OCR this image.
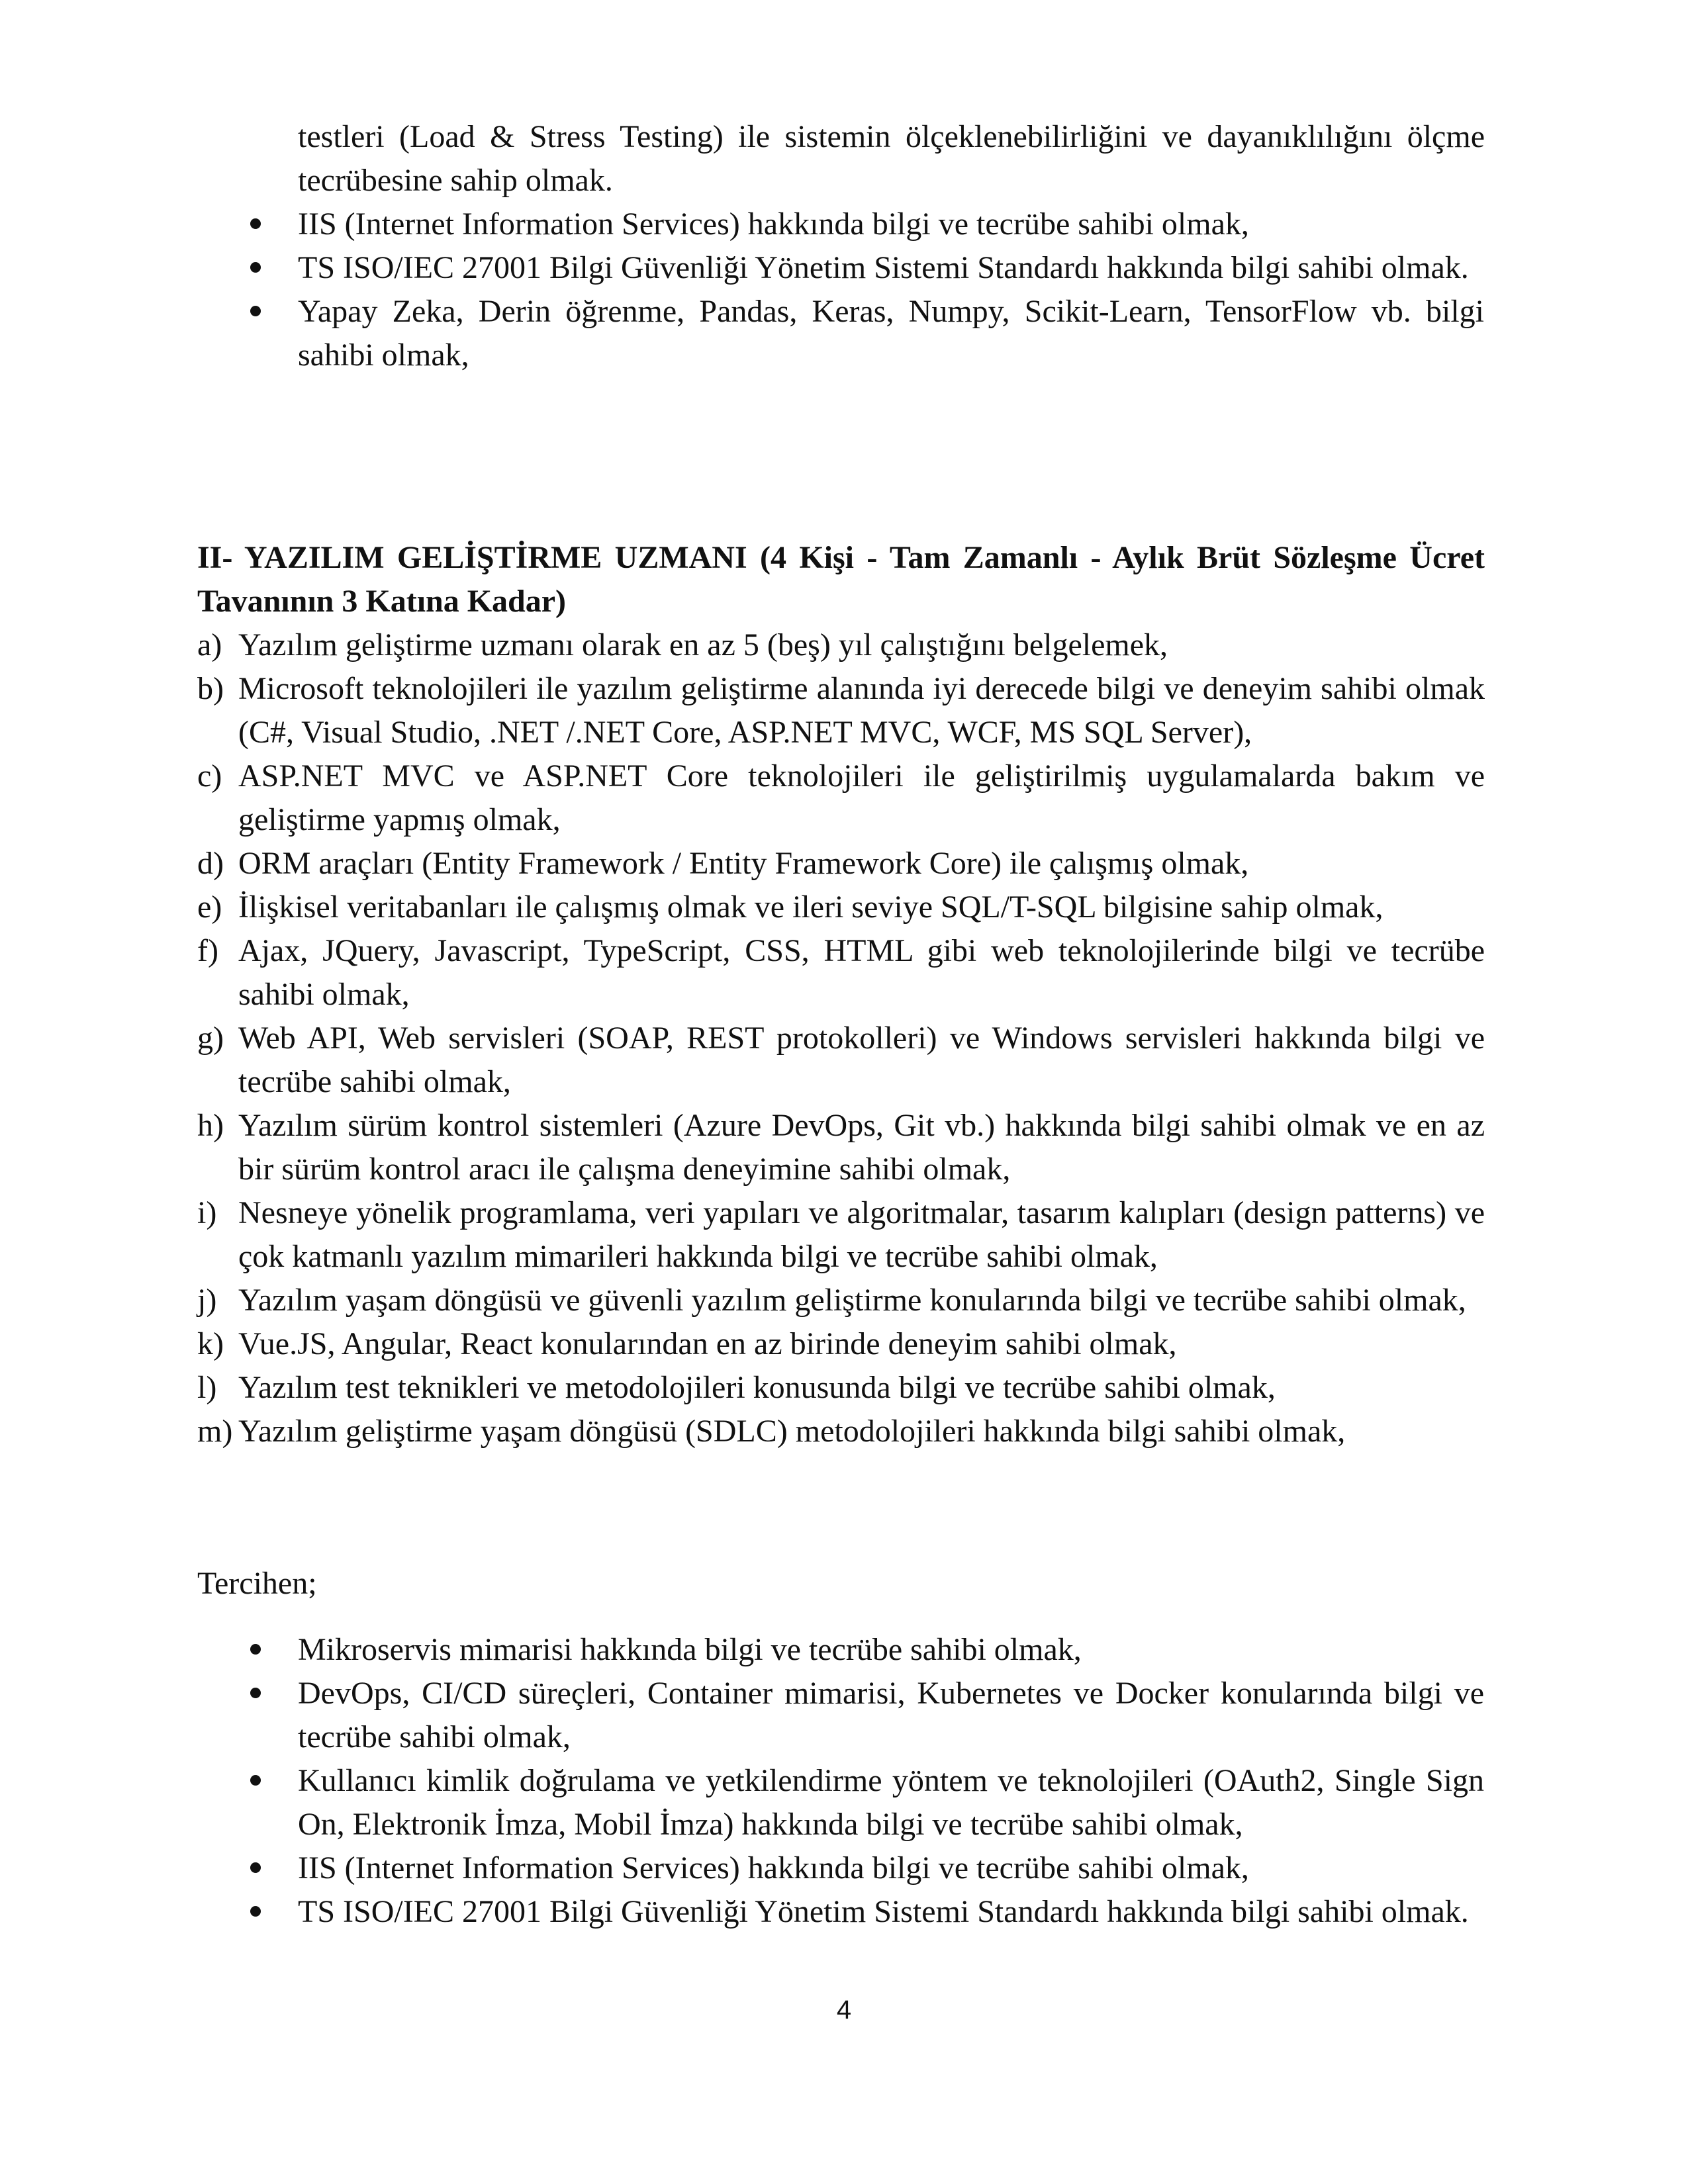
testleri (Load & Stress Testing) ile sistemin ölçeklenebilirliğini ve dayanıklılığını ölçme tecrübesine sahip olmak.
IIS (Internet Information Services) hakkında bilgi ve tecrübe sahibi olmak,
TS ISO/IEC 27001 Bilgi Güvenliği Yönetim Sistemi Standardı hakkında bilgi sahibi olmak.
Yapay Zeka, Derin öğrenme, Pandas, Keras, Numpy, Scikit-Learn, TensorFlow vb. bilgi sahibi olmak,
II- YAZILIM GELİŞTİRME UZMANI (4 Kişi - Tam Zamanlı - Aylık Brüt Sözleşme Ücret Tavanının 3 Katına Kadar)
a) Yazılım geliştirme uzmanı olarak en az 5 (beş) yıl çalıştığını belgelemek,
b) Microsoft teknolojileri ile yazılım geliştirme alanında iyi derecede bilgi ve deneyim sahibi olmak (C#, Visual Studio, .NET /.NET Core, ASP.NET MVC, WCF, MS SQL Server),
c) ASP.NET MVC ve ASP.NET Core teknolojileri ile geliştirilmiş uygulamalarda bakım ve geliştirme yapmış olmak,
d) ORM araçları (Entity Framework / Entity Framework Core) ile çalışmış olmak,
e) İlişkisel veritabanları ile çalışmış olmak ve ileri seviye SQL/T-SQL bilgisine sahip olmak,
f) Ajax, JQuery, Javascript, TypeScript, CSS, HTML gibi web teknolojilerinde bilgi ve tecrübe sahibi olmak,
g) Web API, Web servisleri (SOAP, REST protokolleri) ve Windows servisleri hakkında bilgi ve tecrübe sahibi olmak,
h) Yazılım sürüm kontrol sistemleri (Azure DevOps, Git vb.) hakkında bilgi sahibi olmak ve en az bir sürüm kontrol aracı ile çalışma deneyimine sahibi olmak,
i) Nesneye yönelik programlama, veri yapıları ve algoritmalar, tasarım kalıpları (design patterns) ve çok katmanlı yazılım mimarileri hakkında bilgi ve tecrübe sahibi olmak,
j) Yazılım yaşam döngüsü ve güvenli yazılım geliştirme konularında bilgi ve tecrübe sahibi olmak,
k) Vue.JS, Angular, React konularından en az birinde deneyim sahibi olmak,
l) Yazılım test teknikleri ve metodolojileri konusunda bilgi ve tecrübe sahibi olmak,
m) Yazılım geliştirme yaşam döngüsü (SDLC) metodolojileri hakkında bilgi sahibi olmak,
Tercihen;
Mikroservis mimarisi hakkında bilgi ve tecrübe sahibi olmak,
DevOps, CI/CD süreçleri, Container mimarisi, Kubernetes ve Docker konularında bilgi ve tecrübe sahibi olmak,
Kullanıcı kimlik doğrulama ve yetkilendirme yöntem ve teknolojileri (OAuth2, Single Sign On, Elektronik İmza, Mobil İmza) hakkında bilgi ve tecrübe sahibi olmak,
IIS (Internet Information Services) hakkında bilgi ve tecrübe sahibi olmak,
TS ISO/IEC 27001 Bilgi Güvenliği Yönetim Sistemi Standardı hakkında bilgi sahibi olmak.
4
